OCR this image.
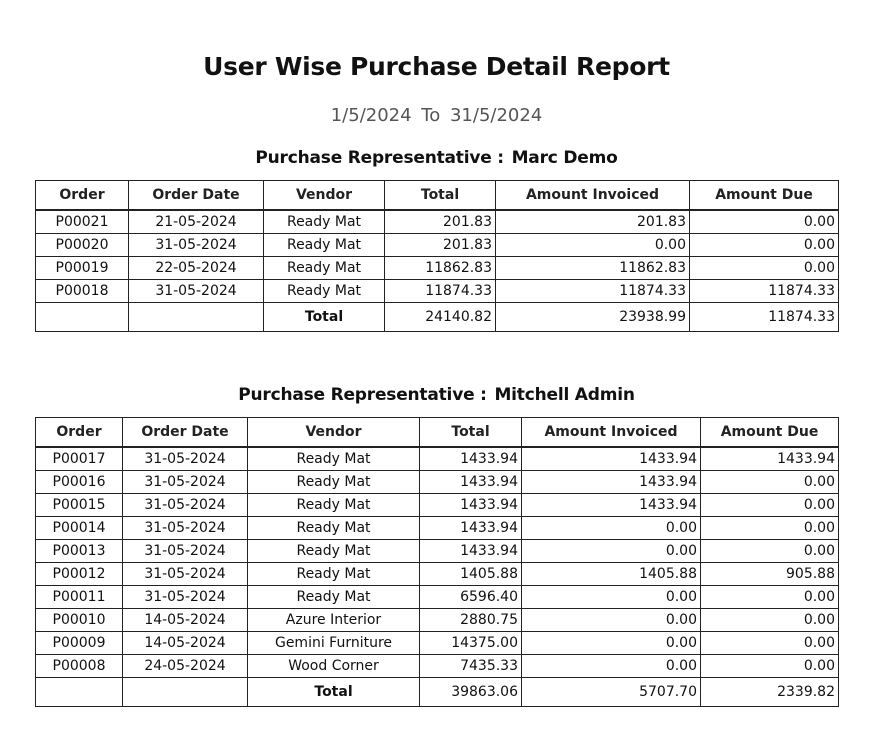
User Wise Purchase Detail Report
1/5/2024 To 31/5/2024
Purchase Representative : Marc Demo
Order	Order Date	Vendor	Total	Amount Invoiced	Amount Due
P00021	21-05-2024	Ready Mat	201.83	201.83	0.00
P00020	31-05-2024	Ready Mat	201.83	0.00	0.00
P00019	22-05-2024	Ready Mat	11862.83	11862.83	0.00
P00018	31-05-2024	Ready Mat	11874.33	11874.33	11874.33
		Total	24140.82	23938.99	11874.33
Purchase Representative : Mitchell Admin
Order	Order Date	Vendor	Total	Amount Invoiced	Amount Due
P00017	31-05-2024	Ready Mat	1433.94	1433.94	1433.94
P00016	31-05-2024	Ready Mat	1433.94	1433.94	0.00
P00015	31-05-2024	Ready Mat	1433.94	1433.94	0.00
P00014	31-05-2024	Ready Mat	1433.94	0.00	0.00
P00013	31-05-2024	Ready Mat	1433.94	0.00	0.00
P00012	31-05-2024	Ready Mat	1405.88	1405.88	905.88
P00011	31-05-2024	Ready Mat	6596.40	0.00	0.00
P00010	14-05-2024	Azure Interior	2880.75	0.00	0.00
P00009	14-05-2024	Gemini Furniture	14375.00	0.00	0.00
P00008	24-05-2024	Wood Corner	7435.33	0.00	0.00
		Total	39863.06	5707.70	2339.82
